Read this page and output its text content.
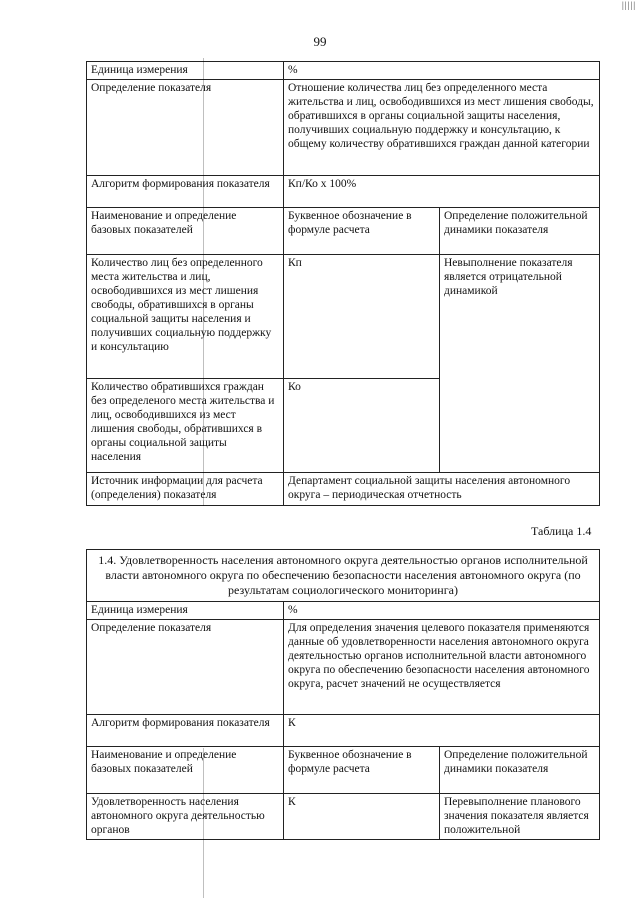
|||||
99
Единица измерения	%	
Определение показателя	Отношение количества лиц без определенного места жительства и лиц, освободившихся из мест лишения свободы, обратившихся в органы социальной защиты населения, получивших социальную поддержку и консультацию, к общему количеству обратившихся граждан данной категории	
Алгоритм формирования показателя	Кп/Ко х 100%	
Наименование и определение базовых показателей	Буквенное обозначение в формуле расчета	Определение положительной динамики показателя
Количество лиц без определенного места жительства и лиц, освободившихся из мест лишения свободы, обратившихся в органы социальной защиты населения и получивших социальную поддержку и консультацию	Кп	Невыполнение показателя является отрицательной динамикой
Количество обратившихся граждан без определеного места жительства и лиц, освободившихся из мест лишения свободы, обратившихся в органы социальной защиты населения	Ко	
Источник информации для расчета (определения) показателя	Департамент социальной защиты населения автономного округа – периодическая отчетность	
Таблица 1.4
1.4. Удовлетворенность населения автономного округа деятельностью органов исполнительной власти автономного округа по обеспечению безопасности населения автономного округа (по результатам социологического мониторинга)		
Единица измерения	%	
Определение показателя	Для определения значения целевого показателя применяются данные об удовлетворенности населения автономного округа деятельностью органов исполнительной власти автономного округа по обеспечению безопасности населения автономного округа, расчет значений не осуществляется	
Алгоритм формирования показателя	К	
Наименование и определение базовых показателей	Буквенное обозначение в формуле расчета	Определение положительной динамики показателя
Удовлетворенность населения автономного округа деятельностью органов	К	Перевыполнение планового значения показателя является положительной
